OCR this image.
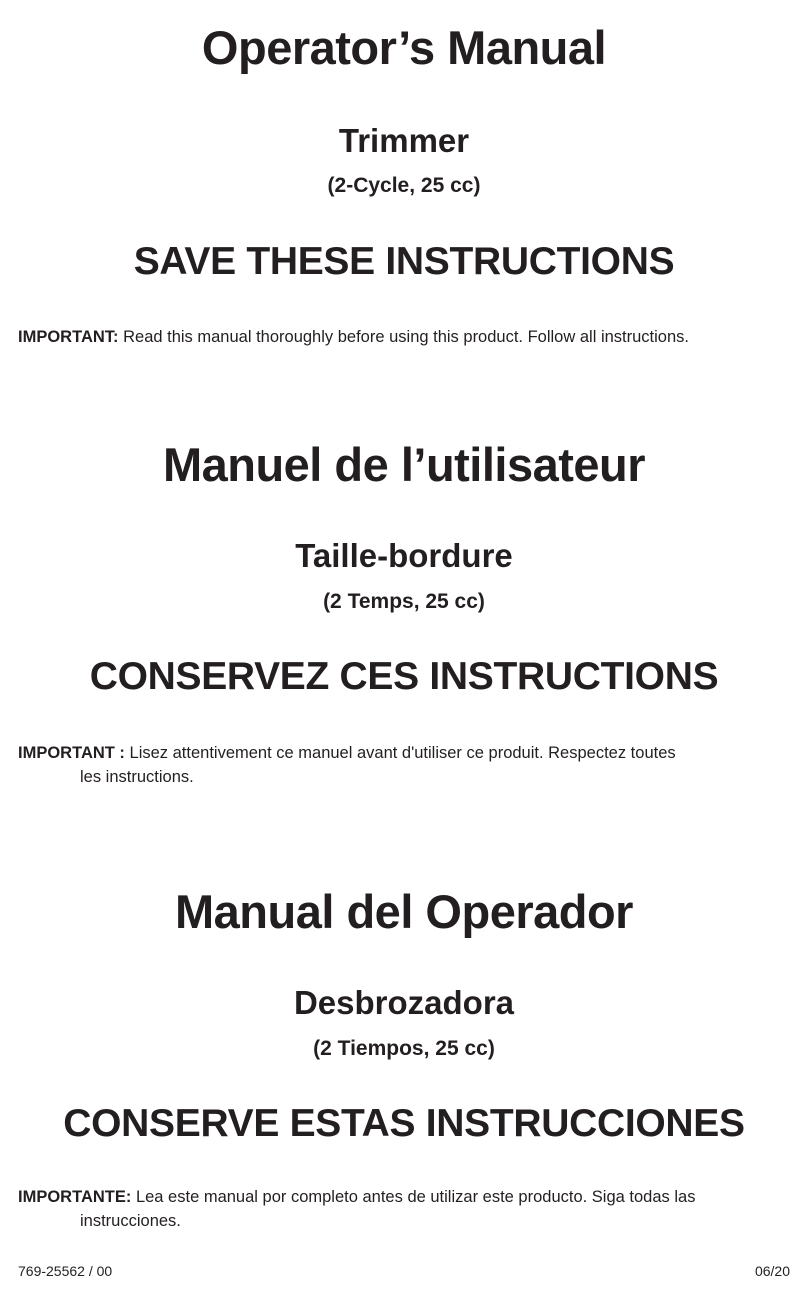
Operator’s Manual
Trimmer
(2-Cycle, 25 cc)
SAVE THESE INSTRUCTIONS

IMPORTANT: Read this manual thoroughly before using this product. Follow all instructions.

Manuel de l’utilisateur
Taille-bordure
(2 Temps, 25 cc)
CONSERVEZ CES INSTRUCTIONS

IMPORTANT : Lisez attentivement ce manuel avant d'utiliser ce produit. Respectez toutes
les instructions.

Manual del Operador
Desbrozadora
(2 Tiempos, 25 cc)
CONSERVE ESTAS INSTRUCCIONES

IMPORTANTE: Lea este manual por completo antes de utilizar este producto. Siga todas las
instrucciones.

769-25562 / 00	06/20
